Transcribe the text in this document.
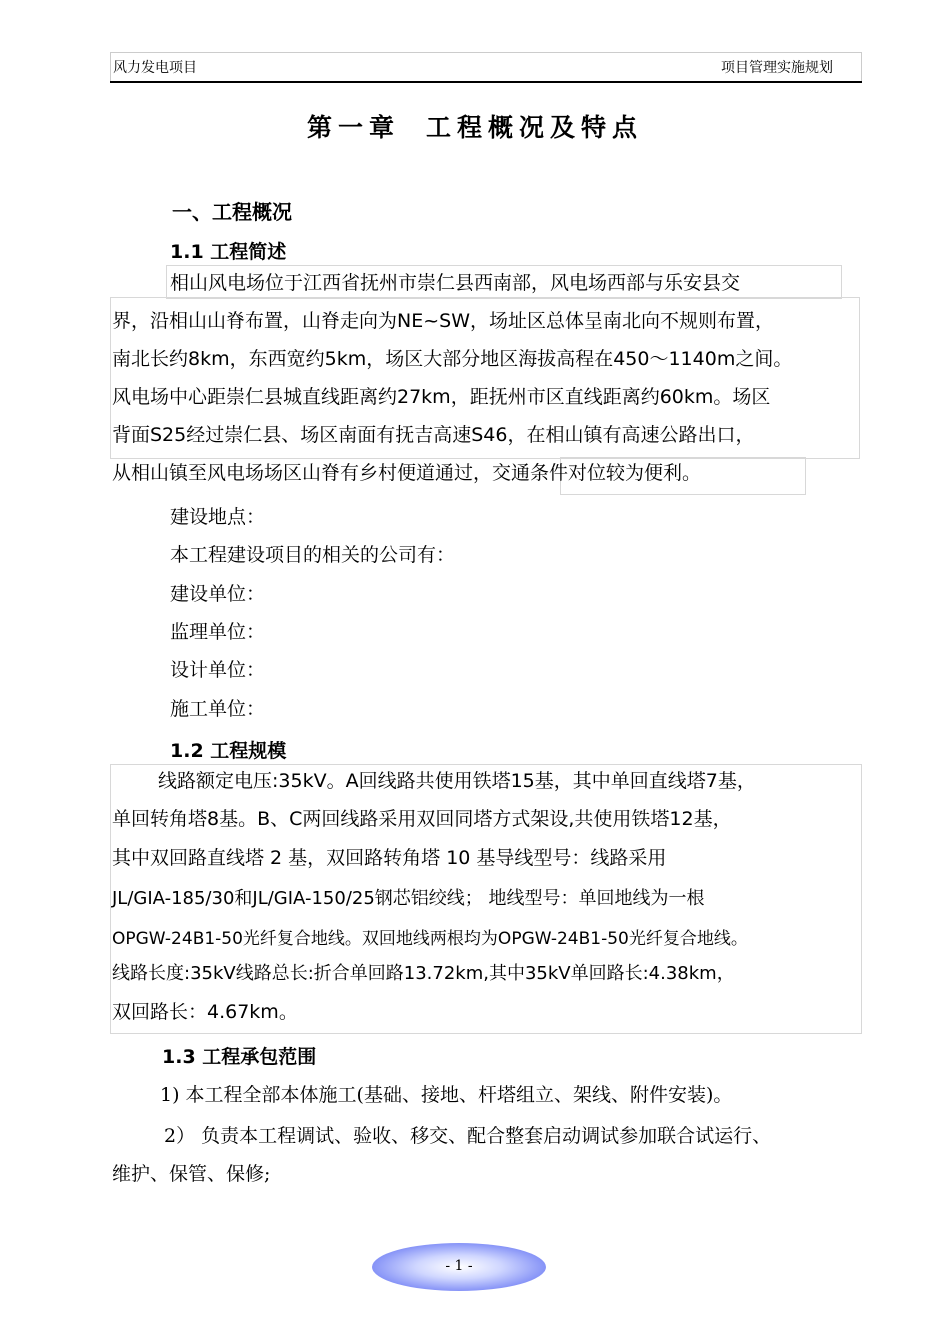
风力发电项目	项目管理实施规划
第一章 工程概况及特点
一、工程概况
1.1 工程简述
相山风电场位于江西省抚州市崇仁县西南部，风电场西部与乐安县交
界，沿相山山脊布置，山脊走向为NE~SW，场址区总体呈南北向不规则布置，
南北长约8km，东西宽约5km，场区大部分地区海拔高程在450～1140m之间。
风电场中心距崇仁县城直线距离约27km，距抚州市区直线距离约60km。场区
背面S25经过崇仁县、场区南面有抚吉高速S46，在相山镇有高速公路出口，
从相山镇至风电场场区山脊有乡村便道通过，交通条件对位较为便利。
建设地点：
本工程建设项目的相关的公司有：
建设单位：
监理单位：
设计单位：
施工单位：
1.2 工程规模
线路额定电压:35kV。A回线路共使用铁塔15基，其中单回直线塔7基，
单回转角塔8基。B、C两回线路采用双回同塔方式架设,共使用铁塔12基，
其中双回路直线塔 2 基，双回路转角塔 10 基导线型号：线路采用
JL/GIA-185/30和JL/GIA-150/25钢芯铝绞线； 地线型号：单回地线为一根
OPGW-24B1-50光纤复合地线。双回地线两根均为OPGW-24B1-50光纤复合地线。
线路长度:35kV线路总长:折合单回路13.72km,其中35kV单回路长:4.38km，
双回路长：4.67km。
1.3 工程承包范围
1) 本工程全部本体施工(基础、接地、杆塔组立、架线、附件安装)。
2） 负责本工程调试、验收、移交、配合整套启动调试参加联合试运行、
维护、保管、保修;
- 1 -
